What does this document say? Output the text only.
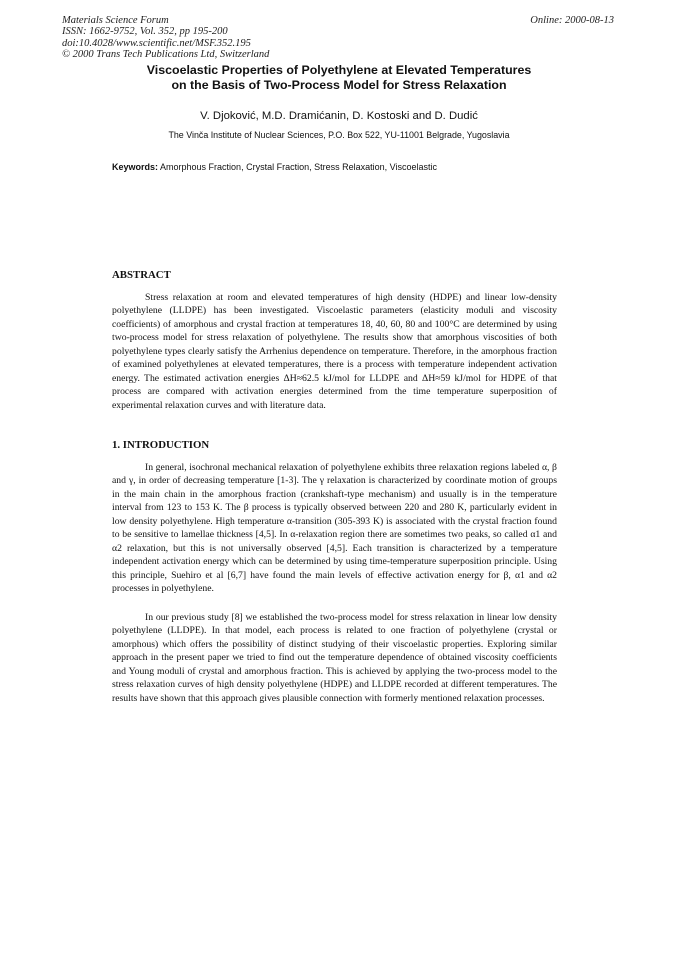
Materials Science Forum
ISSN: 1662-9752, Vol. 352, pp 195-200
doi:10.4028/www.scientific.net/MSF.352.195
© 2000 Trans Tech Publications Ltd, Switzerland
Online: 2000-08-13
Viscoelastic Properties of Polyethylene at Elevated Temperatures
on the Basis of Two-Process Model for Stress Relaxation
V. Djoković, M.D. Dramićanin, D. Kostoski and D. Dudić
The Vinča Institute of Nuclear Sciences, P.O. Box 522, YU-11001 Belgrade, Yugoslavia
Keywords: Amorphous Fraction, Crystal Fraction, Stress Relaxation, Viscoelastic
ABSTRACT

Stress relaxation at room and elevated temperatures of high density (HDPE) and linear low-density polyethylene (LLDPE) has been investigated. Viscoelastic parameters (elasticity moduli and viscosity coefficients) of amorphous and crystal fraction at temperatures 18, 40, 60, 80 and 100°C are determined by using two-process model for stress relaxation of polyethylene. The results show that amorphous viscosities of both polyethylene types clearly satisfy the Arrhenius dependence on temperature. Therefore, in the amorphous fraction of examined polyethylenes at elevated temperatures, there is a process with temperature independent activation energy. The estimated activation energies ΔH≈62.5 kJ/mol for LLDPE and ΔH≈59 kJ/mol for HDPE of that process are compared with activation energies determined from the time temperature superposition of experimental relaxation curves and with literature data.

1. INTRODUCTION

In general, isochronal mechanical relaxation of polyethylene exhibits three relaxation regions labeled α, β and γ, in order of decreasing temperature [1-3]. The γ relaxation is characterized by coordinate motion of groups in the main chain in the amorphous fraction (crankshaft-type mechanism) and usually is in the temperature interval from 123 to 153 K. The β process is typically observed between 220 and 280 K, particularly evident in low density polyethylene. High temperature α-transition (305-393 K) is associated with the crystal fraction found to be sensitive to lamellae thickness [4,5]. In α-relaxation region there are sometimes two peaks, so called α1 and α2 relaxation, but this is not universally observed [4,5]. Each transition is characterized by a temperature independent activation energy which can be determined by using time-temperature superposition principle. Using this principle, Suehiro et al [6,7] have found the main levels of effective activation energy for β, α1 and α2 processes in polyethylene.

In our previous study [8] we established the two-process model for stress relaxation in linear low density polyethylene (LLDPE). In that model, each process is related to one fraction of polyethylene (crystal or amorphous) which offers the possibility of distinct studying of their viscoelastic properties. Exploring similar approach in the present paper we tried to find out the temperature dependence of obtained viscosity coefficients and Young moduli of crystal and amorphous fraction. This is achieved by applying the two-process model to the stress relaxation curves of high density polyethylene (HDPE) and LLDPE recorded at different temperatures. The results have shown that this approach gives plausible connection with formerly mentioned relaxation processes.
